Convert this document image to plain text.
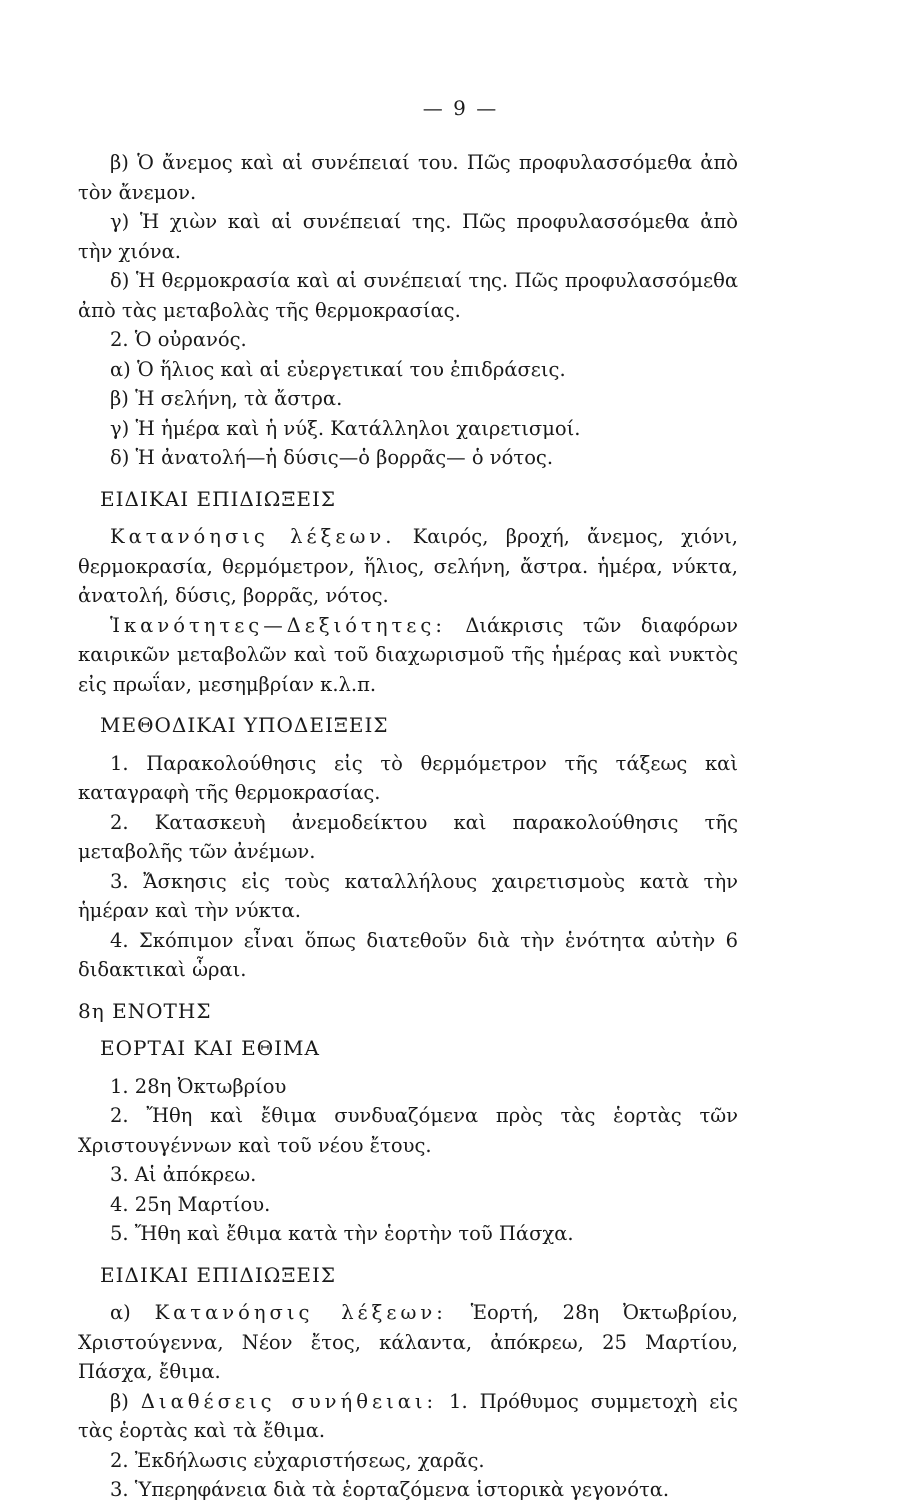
— 9 —

β) Ὁ ἄνεμος καὶ αἱ συνέπειαί του. Πῶς προφυλασσόμεθα ἀπὸ τὸν ἄνεμον.

γ) Ἡ χιὼν καὶ αἱ συνέπειαί της. Πῶς προφυλασσόμεθα ἀπὸ τὴν χιόνα.

δ) Ἡ θερμοκρασία καὶ αἱ συνέπειαί της. Πῶς προφυλασσόμεθα ἀπὸ τὰς μεταβολὰς τῆς θερμοκρασίας.

2. Ὁ οὐρανός.

α) Ὁ ἥλιος καὶ αἱ εὐεργετικαί του ἐπιδράσεις.

β) Ἡ σελήνη, τὰ ἄστρα.

γ) Ἡ ἡμέρα καὶ ἡ νύξ. Κατάλληλοι χαιρετισμοί.

δ) Ἡ ἀνατολή—ἡ δύσις—ὁ βορρᾶς— ὁ νότος.

ΕΙΔΙΚΑΙ ΕΠΙΔΙΩΞΕΙΣ

Κατανόησις λέξεων. Καιρός, βροχή, ἄνεμος, χιόνι, θερμοκρασία, θερμόμετρον, ἥλιος, σελήνη, ἄστρα. ἡμέρα, νύκτα, ἀνατολή, δύσις, βορρᾶς, νότος.

Ἱκανότητες—Δεξιότητες: Διάκρισις τῶν διαφόρων καιρικῶν μεταβολῶν καὶ τοῦ διαχωρισμοῦ τῆς ἡμέρας καὶ νυκτὸς εἰς πρωΐαν, μεσημβρίαν κ.λ.π.

ΜΕΘΟΔΙΚΑΙ ΥΠΟΔΕΙΞΕΙΣ

1. Παρακολούθησις εἰς τὸ θερμόμετρον τῆς τάξεως καὶ καταγραφὴ τῆς θερμοκρασίας.

2. Κατασκευὴ ἀνεμοδείκτου καὶ παρακολούθησις τῆς μεταβολῆς τῶν ἀνέμων.

3. Ἄσκησις εἰς τοὺς καταλλήλους χαιρετισμοὺς κατὰ τὴν ἡμέραν καὶ τὴν νύκτα.

4. Σκόπιμον εἶναι ὅπως διατεθοῦν διὰ τὴν ἑνότητα αὐτὴν 6 διδακτικαὶ ὧραι.

8η ΕΝΟΤΗΣ
ΕΟΡΤΑΙ ΚΑΙ ΕΘΙΜΑ

1. 28η Ὀκτωβρίου

2. Ἤθη καὶ ἔθιμα συνδυαζόμενα πρὸς τὰς ἑορτὰς τῶν Χριστουγέννων καὶ τοῦ νέου ἔτους.

3. Αἱ ἀπόκρεω.

4. 25η Μαρτίου.

5. Ἤθη καὶ ἔθιμα κατὰ τὴν ἑορτὴν τοῦ Πάσχα.

ΕΙΔΙΚΑΙ ΕΠΙΔΙΩΞΕΙΣ

α) Κατανόησις λέξεων: Ἑορτή, 28η Ὀκτωβρίου, Χριστούγεννα, Νέον ἔτος, κάλαντα, ἀπόκρεω, 25 Μαρτίου, Πάσχα, ἔθιμα.

β) Διαθέσεις συνήθειαι: 1. Πρόθυμος συμμετοχὴ εἰς τὰς ἑορτὰς καὶ τὰ ἔθιμα.

2. Ἐκδήλωσις εὐχαριστήσεως, χαρᾶς.

3. Ὑπερηφάνεια διὰ τὰ ἑορταζόμενα ἱστορικὰ γεγονότα.
